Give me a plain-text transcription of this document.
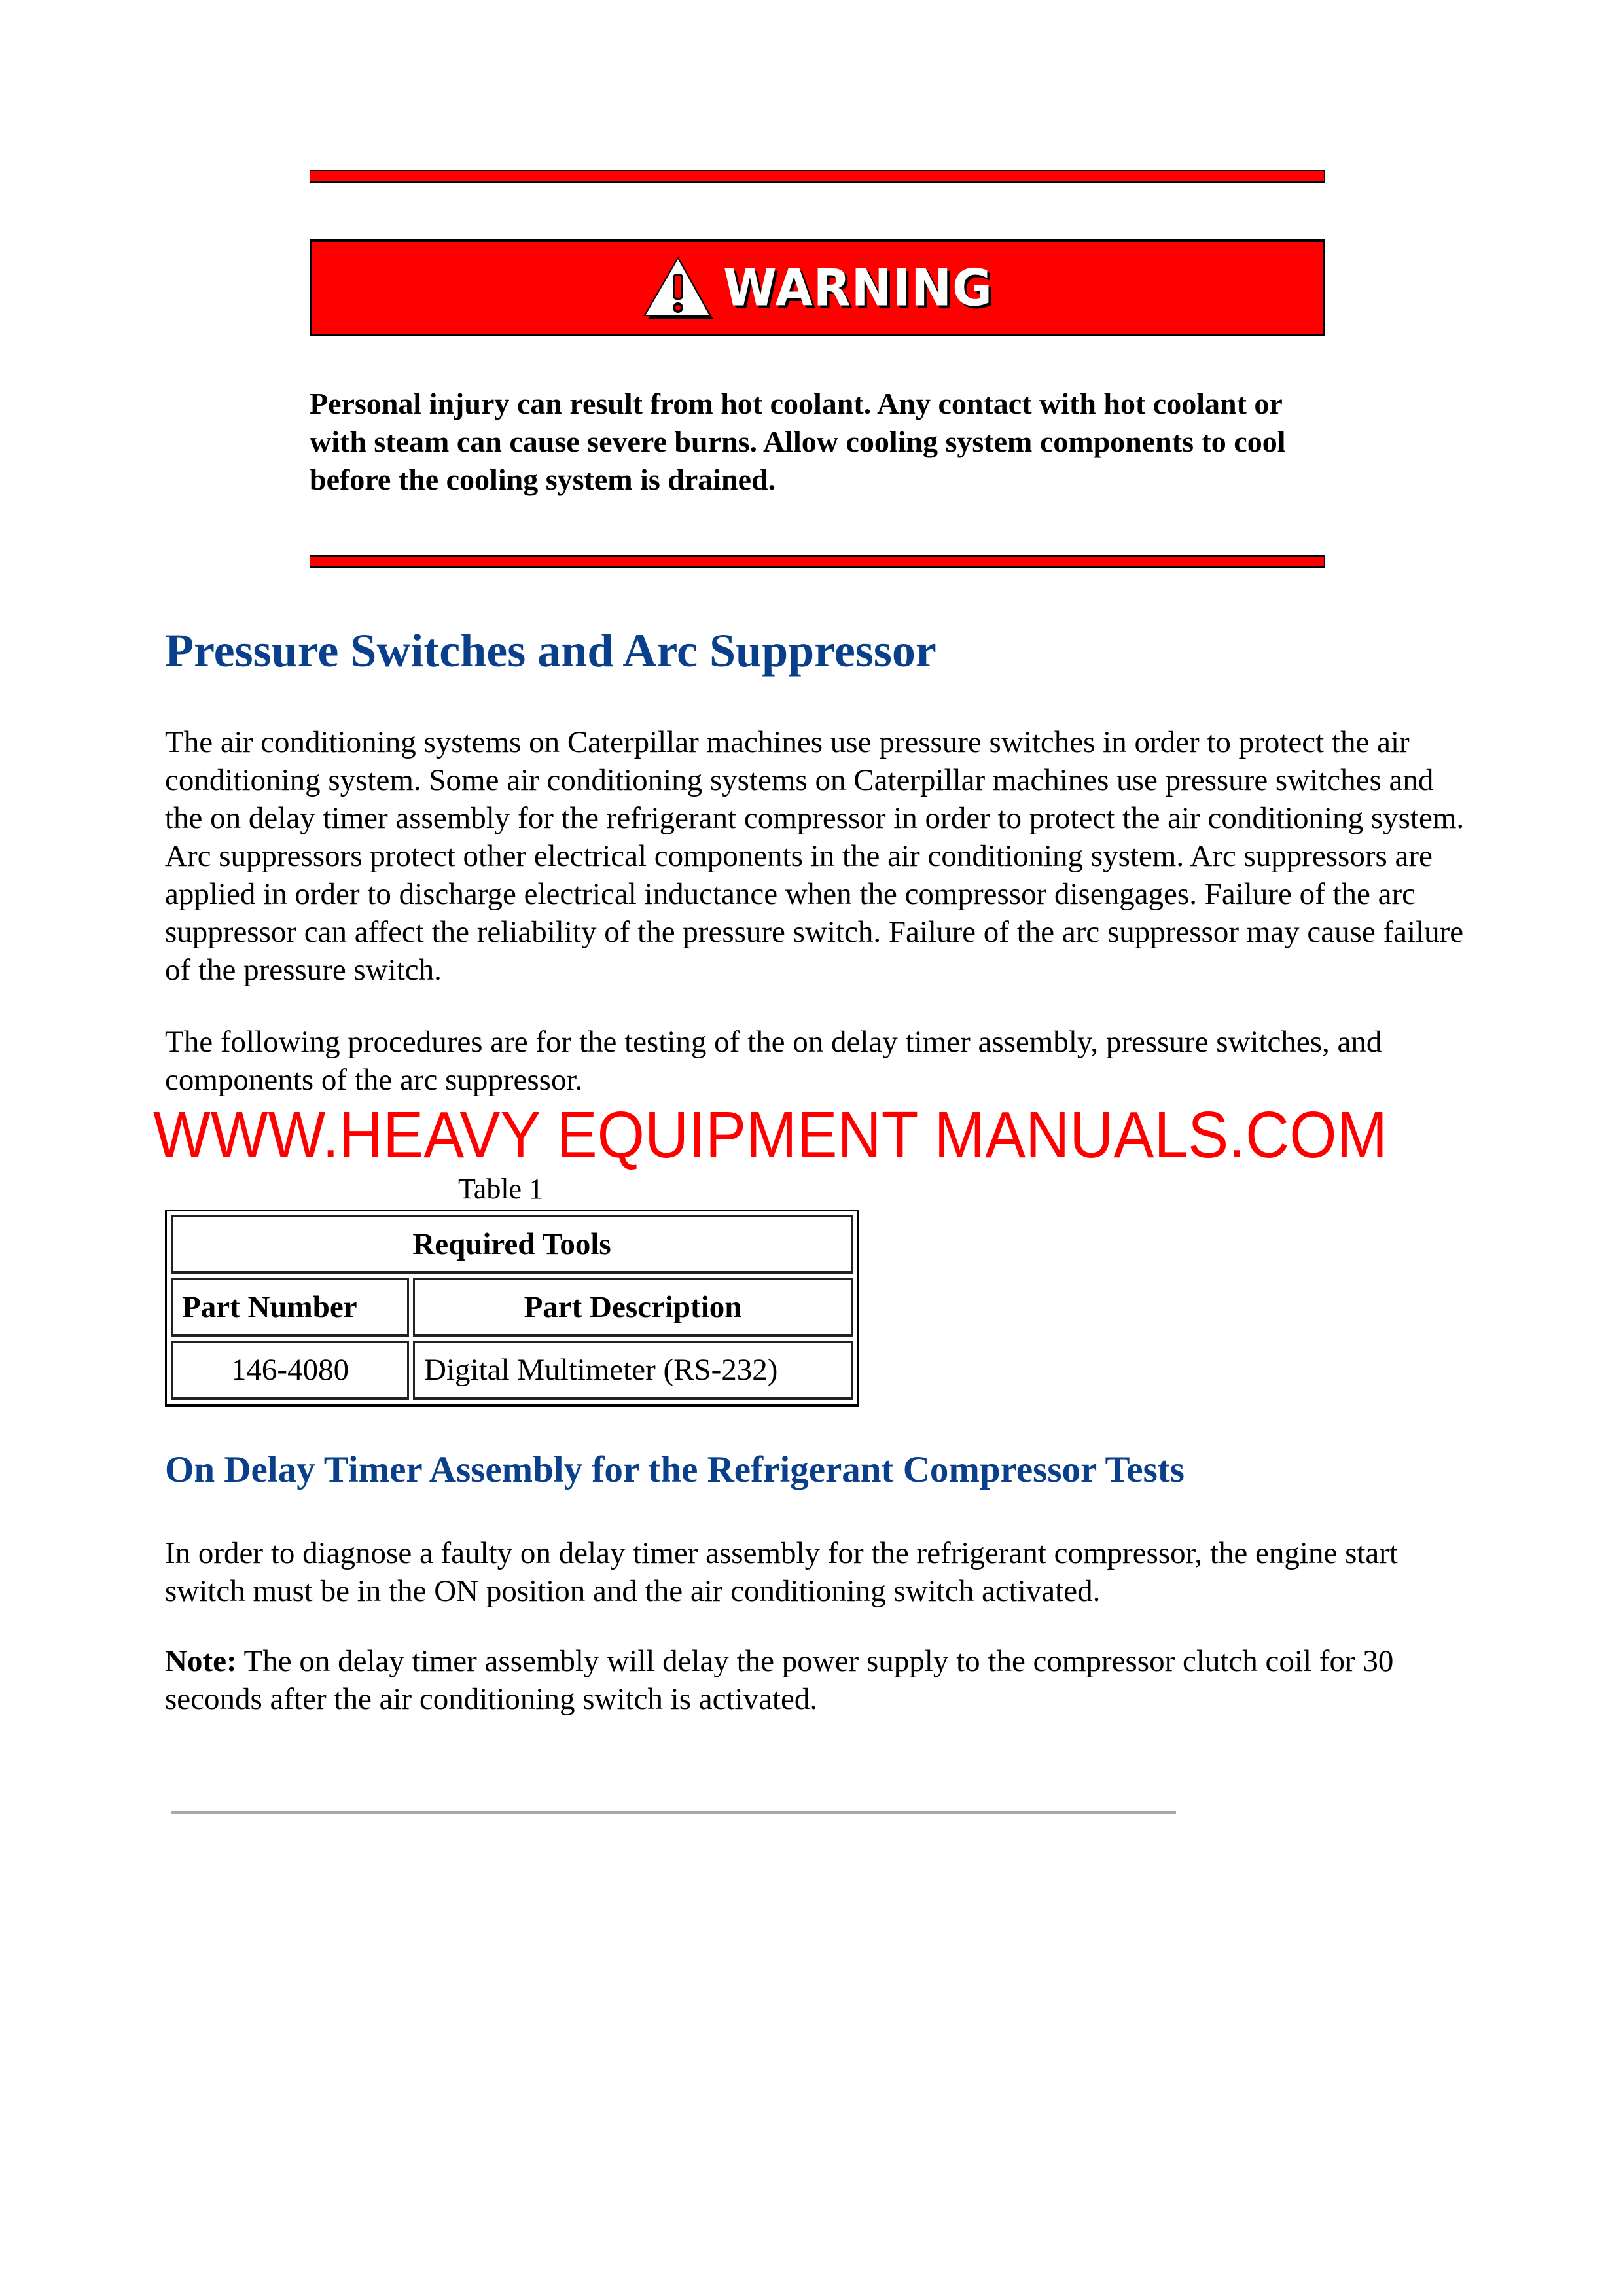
WARNING
Personal injury can result from hot coolant. Any contact with hot coolant or with steam can cause severe burns. Allow cooling system components to cool before the cooling system is drained.
Pressure Switches and Arc Suppressor

The air conditioning systems on Caterpillar machines use pressure switches in order to protect the air conditioning system. Some air conditioning systems on Caterpillar machines use pressure switches and the on delay timer assembly for the refrigerant compressor in order to protect the air conditioning system. Arc suppressors protect other electrical components in the air conditioning system. Arc suppressors are applied in order to discharge electrical inductance when the compressor disengages. Failure of the arc suppressor can affect the reliability of the pressure switch. Failure of the arc suppressor may cause failure of the pressure switch.

The following procedures are for the testing of the on delay timer assembly, pressure switches, and components of the arc suppressor.

WWW.HEAVY EQUIPMENT MANUALS.COM
Table 1
Required Tools	
Part Number	Part Description
146-4080	Digital Multimeter (RS-232)
On Delay Timer Assembly for the Refrigerant Compressor Tests

In order to diagnose a faulty on delay timer assembly for the refrigerant compressor, the engine start switch must be in the ON position and the air conditioning switch activated.

Note: The on delay timer assembly will delay the power supply to the compressor clutch coil for 30 seconds after the air conditioning switch is activated.
